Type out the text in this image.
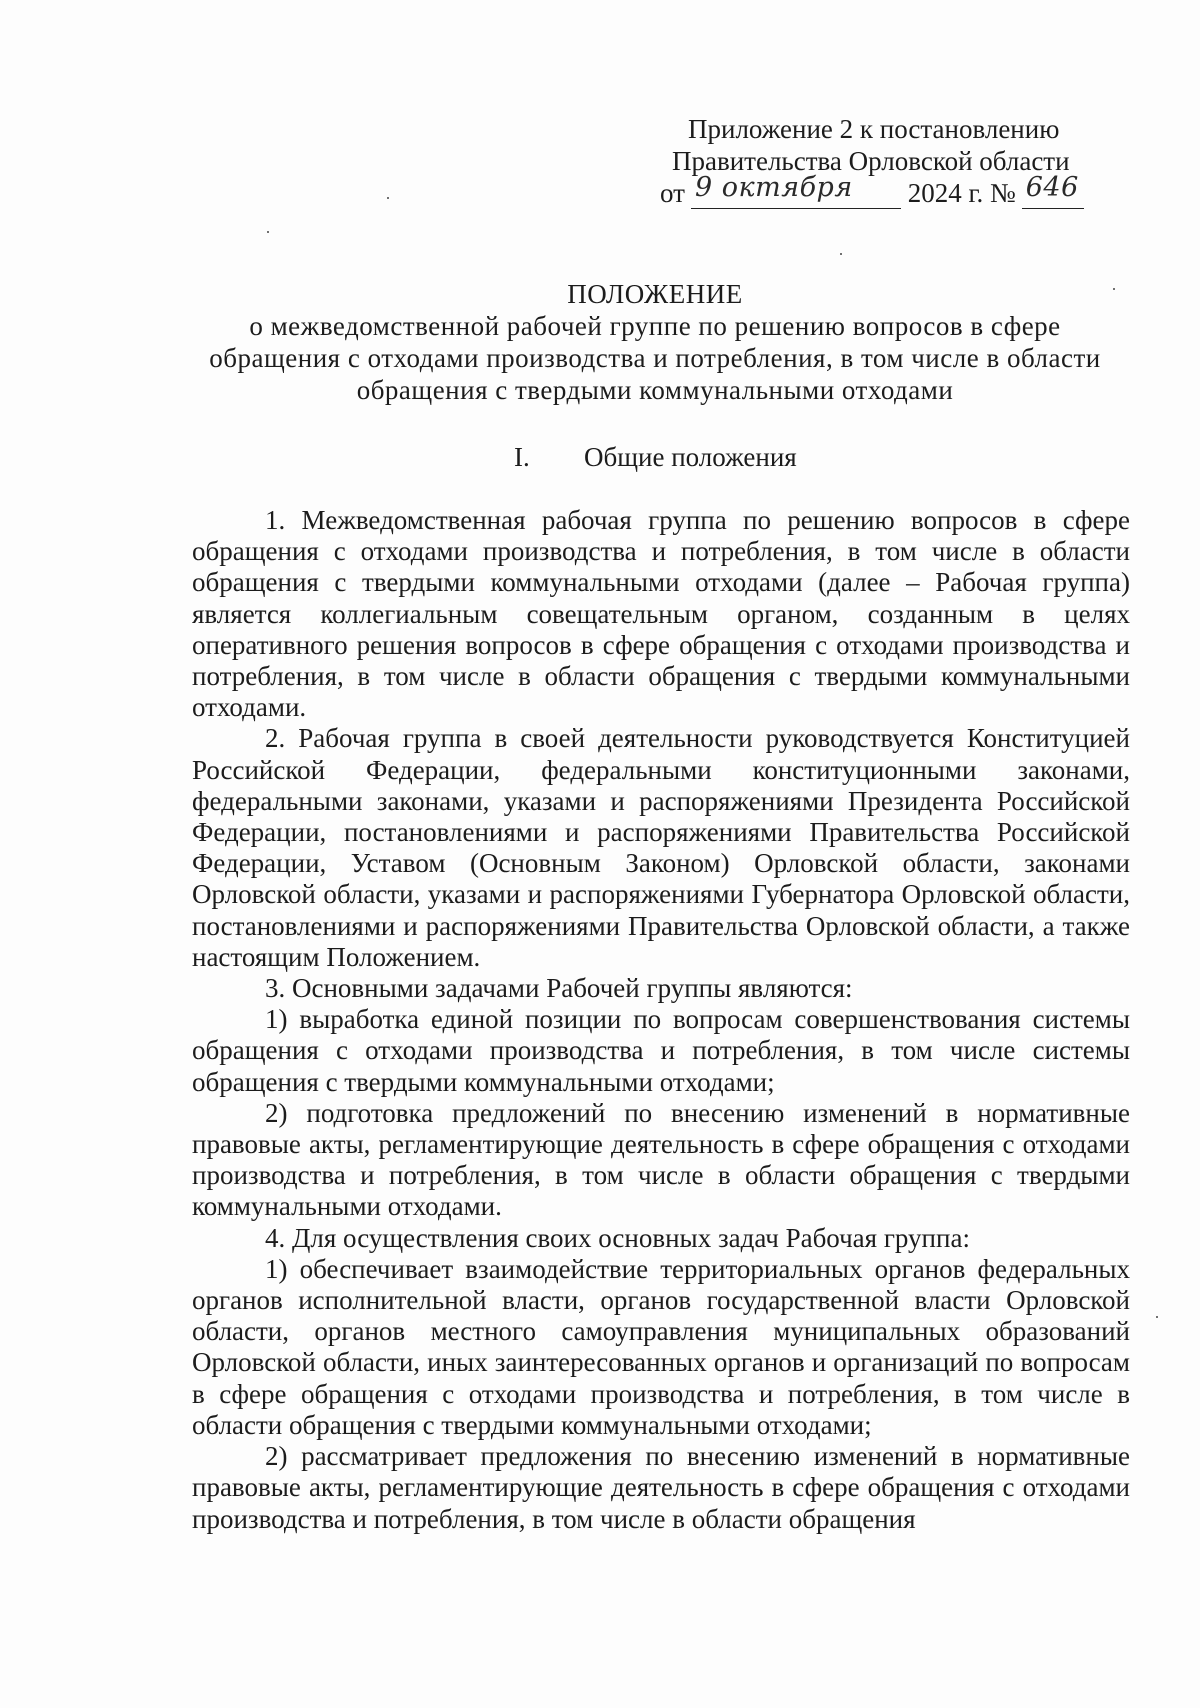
Приложение 2 к постановлению
Правительства Орловской области
от 9 октября 2024 г. № 646
ПОЛОЖЕНИЕ
о межведомственной рабочей группе по решению вопросов в сфере
обращения с отходами производства и потребления, в том числе в области
обращения с твердыми коммунальными отходами
I. Общие положения

1. Межведомственная рабочая группа по решению вопросов в сфере обращения с отходами производства и потребления, в том числе в области обращения с твердыми коммунальными отходами (далее – Рабочая группа) является коллегиальным совещательным органом, созданным в целях оперативного решения вопросов в сфере обращения с отходами производства и потребления, в том числе в области обращения с твердыми коммунальными отходами.

2. Рабочая группа в своей деятельности руководствуется Конституцией Российской Федерации, федеральными конституционными законами, федеральными законами, указами и распоряжениями Президента Российской Федерации, постановлениями и распоряжениями Правительства Российской Федерации, Уставом (Основным Законом) Орловской области, законами Орловской области, указами и распоряжениями Губернатора Орловской области, постановлениями и распоряжениями Правительства Орловской области, а также настоящим Положением.

3. Основными задачами Рабочей группы являются:

1) выработка единой позиции по вопросам совершенствования системы обращения с отходами производства и потребления, в том числе системы обращения с твердыми коммунальными отходами;

2) подготовка предложений по внесению изменений в нормативные правовые акты, регламентирующие деятельность в сфере обращения с отходами производства и потребления, в том числе в области обращения с твердыми коммунальными отходами.

4. Для осуществления своих основных задач Рабочая группа:

1) обеспечивает взаимодействие территориальных органов федеральных органов исполнительной власти, органов государственной власти Орловской области, органов местного самоуправления муниципальных образований Орловской области, иных заинтересованных органов и организаций по вопросам в сфере обращения с отходами производства и потребления, в том числе в области обращения с твердыми коммунальными отходами;

2) рассматривает предложения по внесению изменений в нормативные правовые акты, регламентирующие деятельность в сфере обращения с отходами производства и потребления, в том числе в области обращения
